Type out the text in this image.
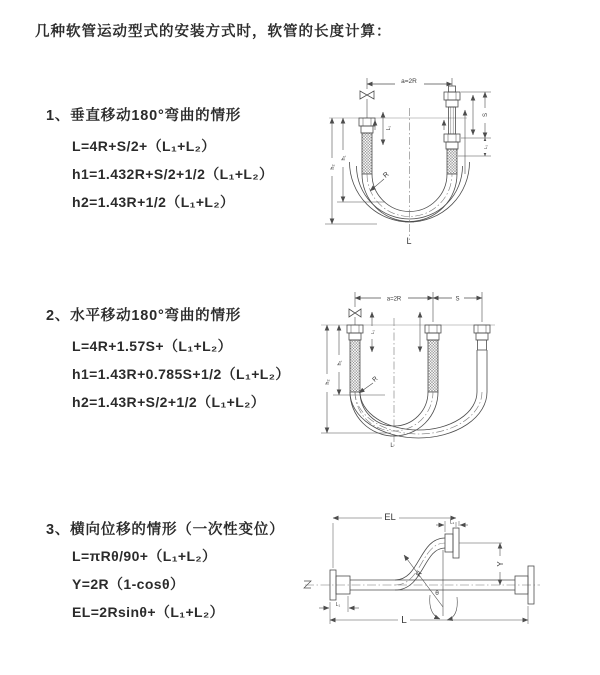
几种软管运动型式的安装方式时，软管的长度计算：
1、垂直移动180°弯曲的情形
L=4R+S/2+（L₁+L₂）
h1=1.432R+S/2+1/2（L₁+L₂）
h2=1.43R+1/2（L₁+L₂）
2、水平移动180°弯曲的情形
L=4R+1.57S+（L₁+L₂）
h1=1.43R+0.785S+1/2（L₁+L₂）
h2=1.43R+S/2+1/2（L₁+L₂）
3、横向位移的情形（一次性变位）
L=πRθ/90+（L₁+L₂）
Y=2R（1-cosθ）
EL=2Rsinθ+（L₁+L₂）
a=2R
h₂
h₁
L₁
S
L₁
R
L
a=2R	S
h₂
h₁
L₁
R
L
EL	L₁
Y
L
L₁
R
θ
